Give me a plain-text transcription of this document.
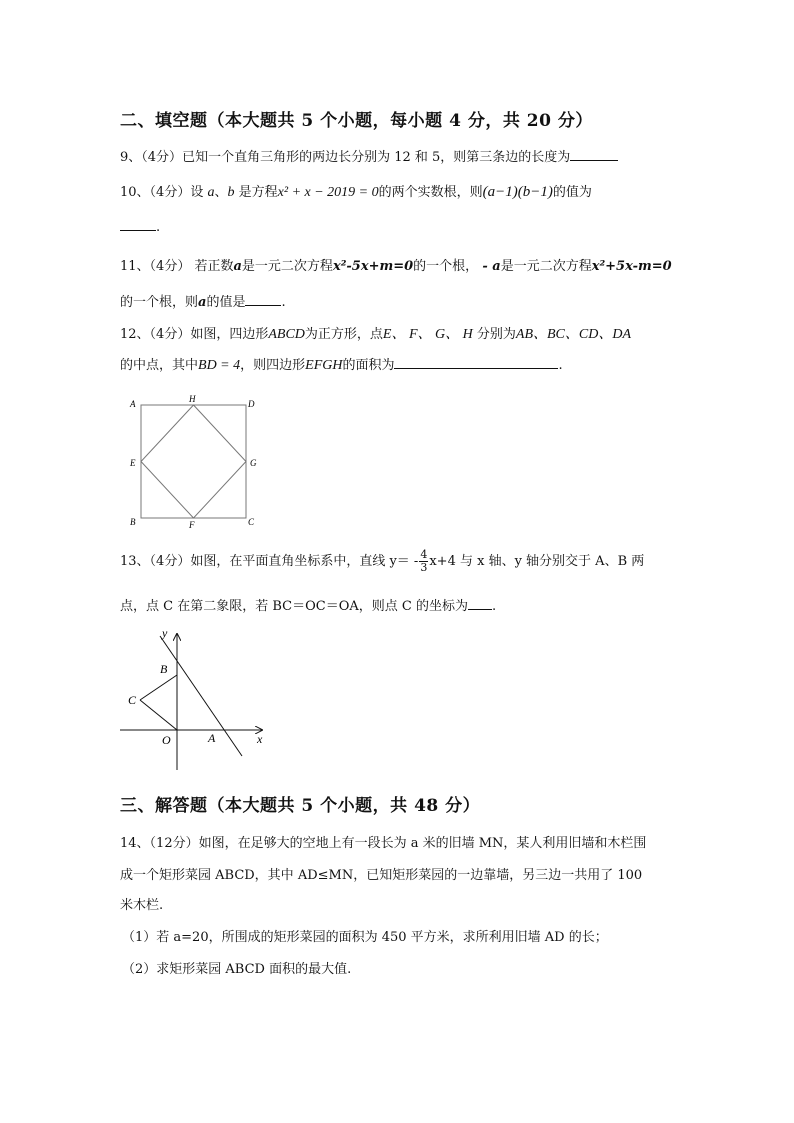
二、填空题（本大题共 5 个小题，每小题 4 分，共 20 分）
9、（4分）已知一个直角三角形的两边长分别为 12 和 5，则第三条边的长度为
10、（4分）设 a、b 是方程x² + x − 2019 = 0的两个实数根，则(a−1)(b−1)的值为
.
11、（4分） 若正数a是一元二次方程x²-5x+m=0的一个根， - a是一元二次方程x²+5x-m=0
的一个根，则a的值是	.
12、（4分）如图，四边形ABCD为正方形，点E、 F、 G、 H 分别为AB、BC、CD、DA
的中点，其中BD = 4，则四边形EFGH的面积为	.
A	H	D
E	G
B	F	C
13、（4分）如图，在平面直角坐标系中，直线 $y= - \frac{4}{3} x+4$ 与 x 轴、y 轴分别交于 A、B 两
点，点 C 在第二象限，若 BC＝OC＝OA，则点 C 的坐标为 .
y
x
B
C
O	A
三、解答题（本大题共 5 个小题，共 48 分）
14、（12分）如图，在足够大的空地上有一段长为 a 米的旧墙 MN，某人利用旧墙和木栏围
成一个矩形菜园 ABCD，其中 AD≤MN，已知矩形菜园的一边靠墙，另三边一共用了 100
米木栏.
（1）若 a=20，所围成的矩形菜园的面积为 450 平方米，求所利用旧墙 AD 的长；
（2）求矩形菜园 ABCD 面积的最大值.
